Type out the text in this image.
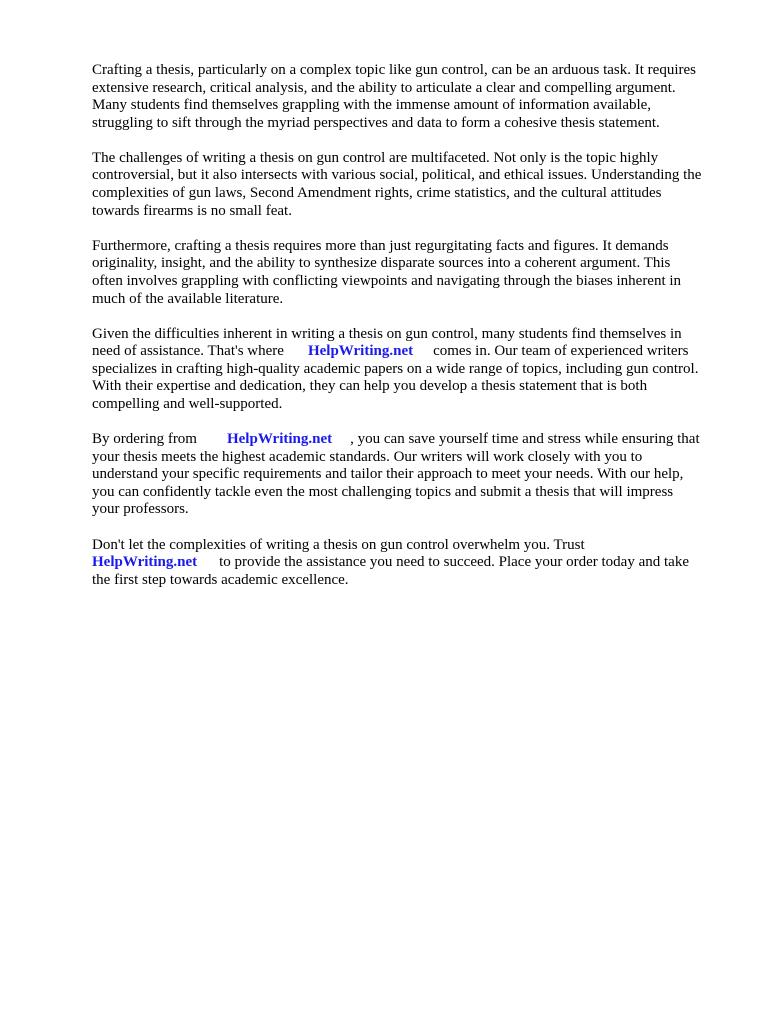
Crafting a thesis, particularly on a complex topic like gun control, can be an arduous task. It requires
extensive research, critical analysis, and the ability to articulate a clear and compelling argument.
Many students find themselves grappling with the immense amount of information available,
struggling to sift through the myriad perspectives and data to form a cohesive thesis statement.

The challenges of writing a thesis on gun control are multifaceted. Not only is the topic highly
controversial, but it also intersects with various social, political, and ethical issues. Understanding the
complexities of gun laws, Second Amendment rights, crime statistics, and the cultural attitudes
towards firearms is no small feat.

Furthermore, crafting a thesis requires more than just regurgitating facts and figures. It demands
originality, insight, and the ability to synthesize disparate sources into a coherent argument. This
often involves grappling with conflicting viewpoints and navigating through the biases inherent in
much of the available literature.

Given the difficulties inherent in writing a thesis on gun control, many students find themselves in
need of assistance. That's where HelpWriting.net comes in. Our team of experienced writers
specializes in crafting high-quality academic papers on a wide range of topics, including gun control.
With their expertise and dedication, they can help you develop a thesis statement that is both
compelling and well-supported.

By ordering from HelpWriting.net , you can save yourself time and stress while ensuring that
your thesis meets the highest academic standards. Our writers will work closely with you to
understand your specific requirements and tailor their approach to meet your needs. With our help,
you can confidently tackle even the most challenging topics and submit a thesis that will impress
your professors.

Don't let the complexities of writing a thesis on gun control overwhelm you. Trust
HelpWriting.net to provide the assistance you need to succeed. Place your order today and take
the first step towards academic excellence.
